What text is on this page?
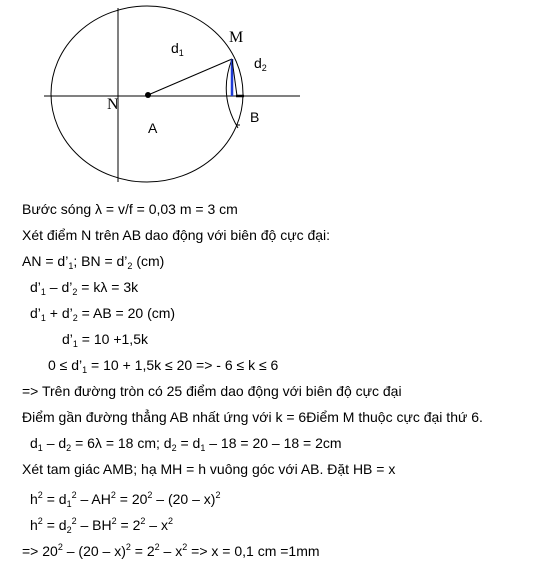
$d_1$
$d_2$
M
N
A
B
Bước sóng λ = v/f = 0,03 m = 3 cm
Xét điểm N trên AB dao động với biên độ cực đại:
AN = $d’_1$; BN = $d’_2$ (cm)
$d’_1$ – $d’_2 = k\lambda = 3k$
$d’_1$ + $d’_2$ = AB = 20 (cm)
$d’_1 = 10 +1,5k$
$0 \le d’_1 = 10 + 1,5k \le 20$ => - 6 ≤ k ≤ 6
=> Trên đường tròn có 25 điểm dao động với biên độ cực đại
Điểm gần đường thẳng AB nhất ứng với k = 6Điểm M thuộc cực đại thứ 6.
$d_1 - d_2 = 6\lambda = 18$ cm; $d_2 = d_1 - 18 = 20 - 18 = 2cm$
Xét tam giác AMB; hạ MH = h vuông góc với AB. Đặt HB = x
$h^2 = d_1^2 - AH^2 = 20^2 - (20 - x)^2$
$h^2 = d_2^2 - BH^2 = 2^2 - x^2$
=> $20^2 - (20 - x)^2 = 2^2 - x^2 => x = 0,1$ cm =1mm
